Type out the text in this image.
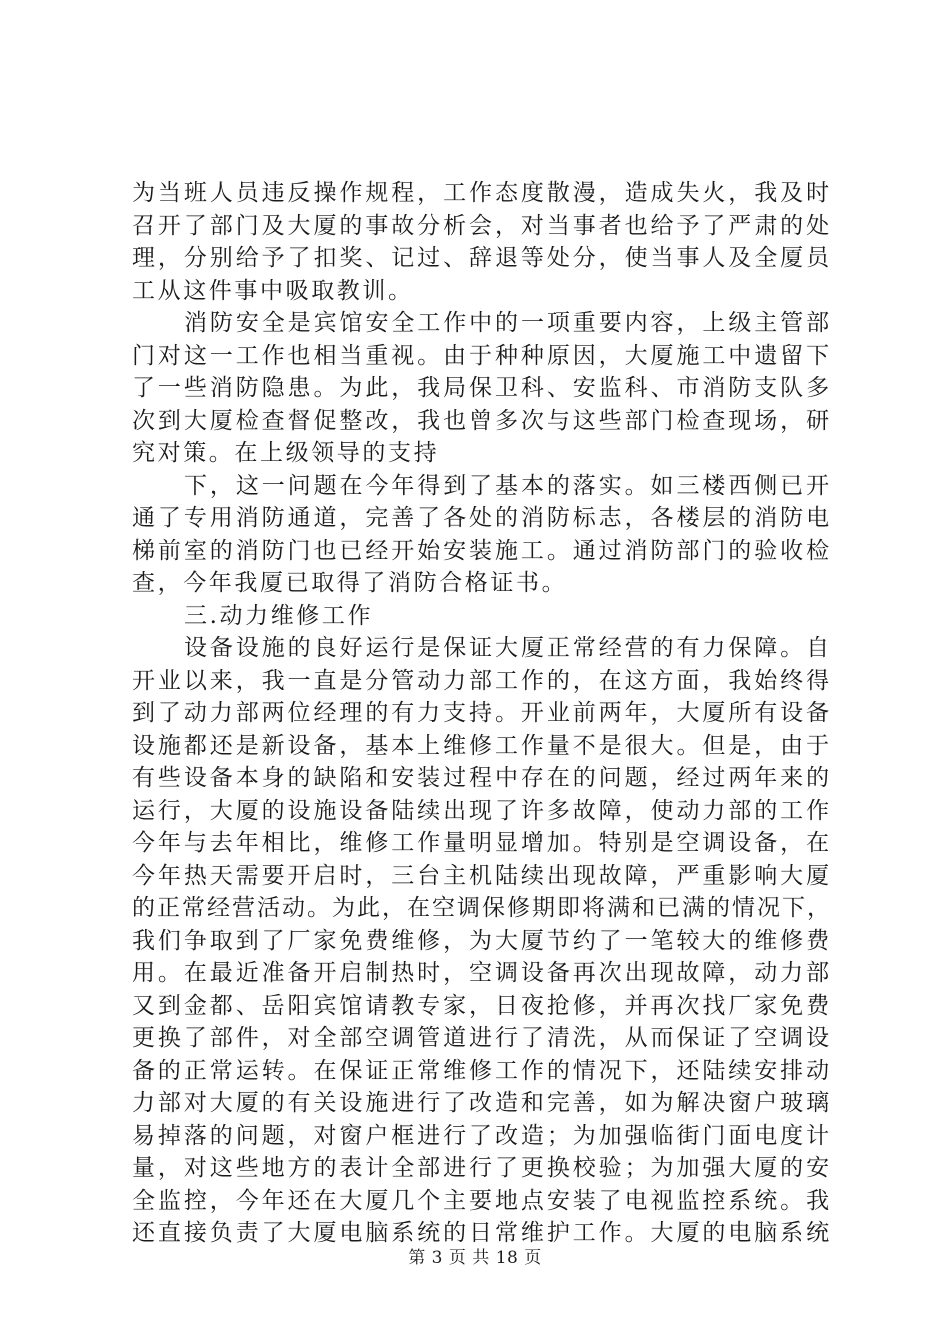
为当班人员违反操作规程，工作态度散漫，造成失火，我及时
召开了部门及大厦的事故分析会，对当事者也给予了严肃的处
理，分别给予了扣奖、记过、辞退等处分，使当事人及全厦员
工从这件事中吸取教训。
消防安全是宾馆安全工作中的一项重要内容，上级主管部
门对这一工作也相当重视。由于种种原因，大厦施工中遗留下
了一些消防隐患。为此，我局保卫科、安监科、市消防支队多
次到大厦检查督促整改，我也曾多次与这些部门检查现场，研
究对策。在上级领导的支持
下，这一问题在今年得到了基本的落实。如三楼西侧已开
通了专用消防通道，完善了各处的消防标志，各楼层的消防电
梯前室的消防门也已经开始安装施工。通过消防部门的验收检
查，今年我厦已取得了消防合格证书。
三.动力维修工作
设备设施的良好运行是保证大厦正常经营的有力保障。自
开业以来，我一直是分管动力部工作的，在这方面，我始终得
到了动力部两位经理的有力支持。开业前两年，大厦所有设备
设施都还是新设备，基本上维修工作量不是很大。但是，由于
有些设备本身的缺陷和安装过程中存在的问题，经过两年来的
运行，大厦的设施设备陆续出现了许多故障，使动力部的工作
今年与去年相比，维修工作量明显增加。特别是空调设备，在
今年热天需要开启时，三台主机陆续出现故障，严重影响大厦
的正常经营活动。为此，在空调保修期即将满和已满的情况下，
我们争取到了厂家免费维修，为大厦节约了一笔较大的维修费
用。在最近准备开启制热时，空调设备再次出现故障，动力部
又到金都、岳阳宾馆请教专家，日夜抢修，并再次找厂家免费
更换了部件，对全部空调管道进行了清洗，从而保证了空调设
备的正常运转。在保证正常维修工作的情况下，还陆续安排动
力部对大厦的有关设施进行了改造和完善，如为解决窗户玻璃
易掉落的问题，对窗户框进行了改造；为加强临街门面电度计
量，对这些地方的表计全部进行了更换校验；为加强大厦的安
全监控，今年还在大厦几个主要地点安装了电视监控系统。我
还直接负责了大厦电脑系统的日常维护工作。大厦的电脑系统
第 3 页 共 18 页
